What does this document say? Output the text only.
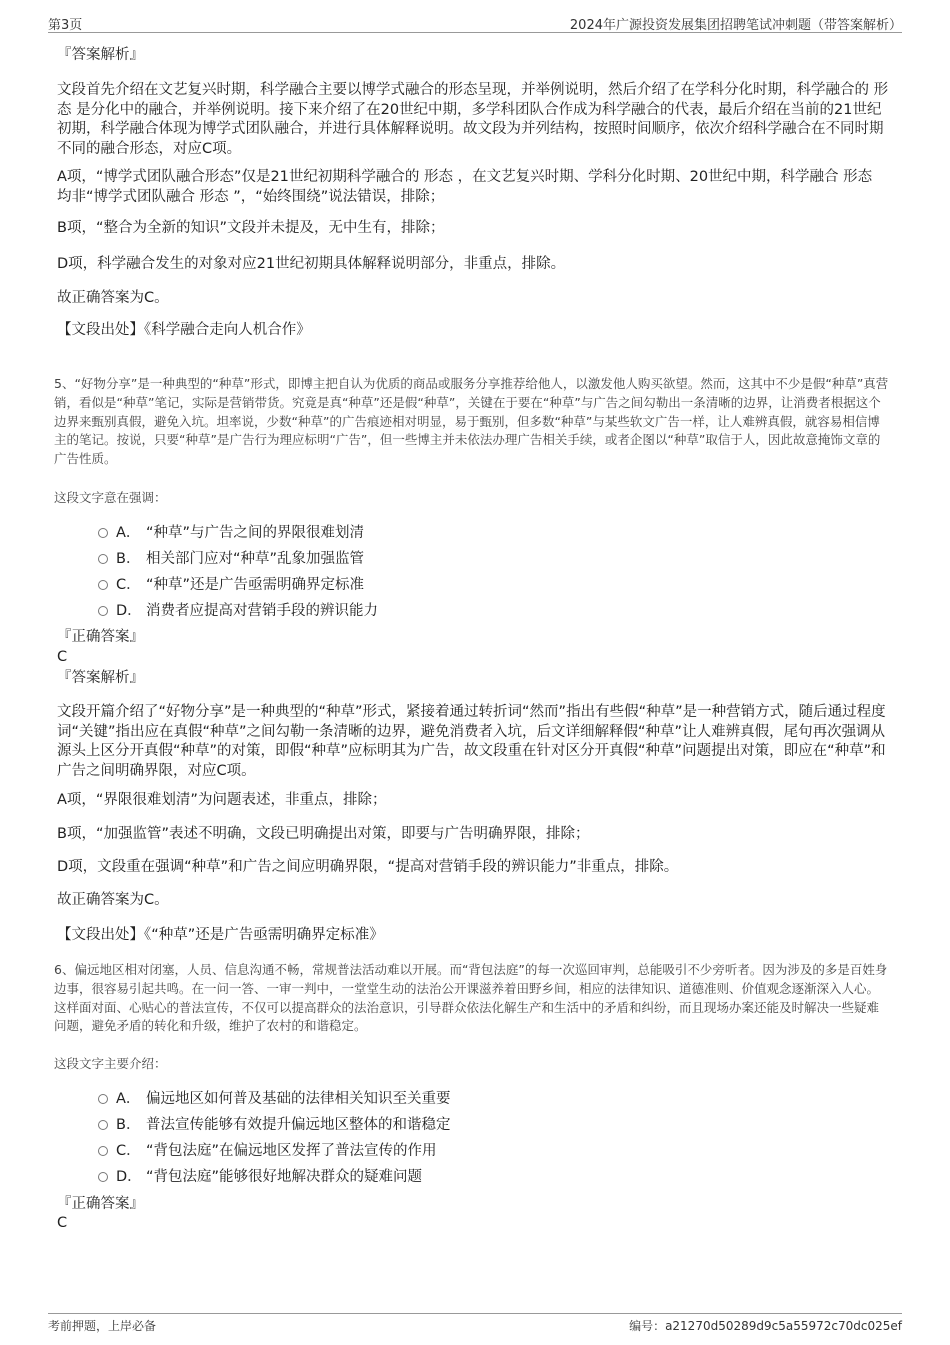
第3页	2024年广源投资发展集团招聘笔试冲刺题（带答案解析）

『答案解析』

文段首先介绍在文艺复兴时期，科学融合主要以博学式融合的形态呈现，并举例说明，然后介绍了在学科分化时期，科学融合的 形态 是分化中的融合，并举例说明。接下来介绍了在20世纪中期，多学科团队合作成为科学融合的代表，最后介绍在当前的21世纪初期，科学融合体现为博学式团队融合，并进行具体解释说明。故文段为并列结构，按照时间顺序，依次介绍科学融合在不同时期不同的融合形态，对应C项。

A项，“博学式团队融合形态”仅是21世纪初期科学融合的 形态 ，在文艺复兴时期、学科分化时期、20世纪中期，科学融合 形态 均非“博学式团队融合 形态 ”，“始终围绕”说法错误，排除；

B项，“整合为全新的知识”文段并未提及，无中生有，排除；

D项，科学融合发生的对象对应21世纪初期具体解释说明部分，非重点，排除。

故正确答案为C。

【文段出处】《科学融合走向人机合作》

5、“好物分享”是一种典型的“种草”形式，即博主把自认为优质的商品或服务分享推荐给他人，以激发他人购买欲望。然而，这其中不少是假“种草”真营销，看似是“种草”笔记，实际是营销带货。究竟是真“种草”还是假“种草”，关键在于要在“种草”与广告之间勾勒出一条清晰的边界，让消费者根据这个边界来甄别真假，避免入坑。坦率说，少数“种草”的广告痕迹相对明显，易于甄别，但多数“种草”与某些软文广告一样，让人难辨真假，就容易相信博主的笔记。按说，只要“种草”是广告行为理应标明“广告”，但一些博主并未依法办理广告相关手续，或者企图以“种草”取信于人，因此故意掩饰文章的广告性质。

这段文字意在强调：

A． “种草”与广告之间的界限很难划清
B． 相关部门应对“种草”乱象加强监管
C． “种草”还是广告亟需明确界定标准
D． 消费者应提高对营销手段的辨识能力

『正确答案』

C

『答案解析』

文段开篇介绍了“好物分享”是一种典型的“种草”形式，紧接着通过转折词“然而”指出有些假“种草”是一种营销方式，随后通过程度词“关键”指出应在真假“种草”之间勾勒一条清晰的边界，避免消费者入坑，后文详细解释假“种草”让人难辨真假，尾句再次强调从源头上区分开真假“种草”的对策，即假“种草”应标明其为广告，故文段重在针对区分开真假“种草”问题提出对策，即应在“种草”和广告之间明确界限，对应C项。

A项，“界限很难划清”为问题表述，非重点，排除；

B项，“加强监管”表述不明确，文段已明确提出对策，即要与广告明确界限，排除；

D项，文段重在强调“种草”和广告之间应明确界限，“提高对营销手段的辨识能力”非重点，排除。

故正确答案为C。

【文段出处】《“种草”还是广告亟需明确界定标准》

6、偏远地区相对闭塞，人员、信息沟通不畅，常规普法活动难以开展。而“背包法庭”的每一次巡回审判，总能吸引不少旁听者。因为涉及的多是百姓身边事，很容易引起共鸣。在一问一答、一审一判中，一堂堂生动的法治公开课滋养着田野乡间，相应的法律知识、道德准则、价值观念逐渐深入人心。这样面对面、心贴心的普法宣传，不仅可以提高群众的法治意识，引导群众依法化解生产和生活中的矛盾和纠纷，而且现场办案还能及时解决一些疑难问题，避免矛盾的转化和升级，维护了农村的和谐稳定。

这段文字主要介绍：

A． 偏远地区如何普及基础的法律相关知识至关重要
B． 普法宣传能够有效提升偏远地区整体的和谐稳定
C． “背包法庭”在偏远地区发挥了普法宣传的作用
D． “背包法庭”能够很好地解决群众的疑难问题

『正确答案』

C

考前押题，上岸必备	编号：a21270d50289d9c5a55972c70dc025ef
